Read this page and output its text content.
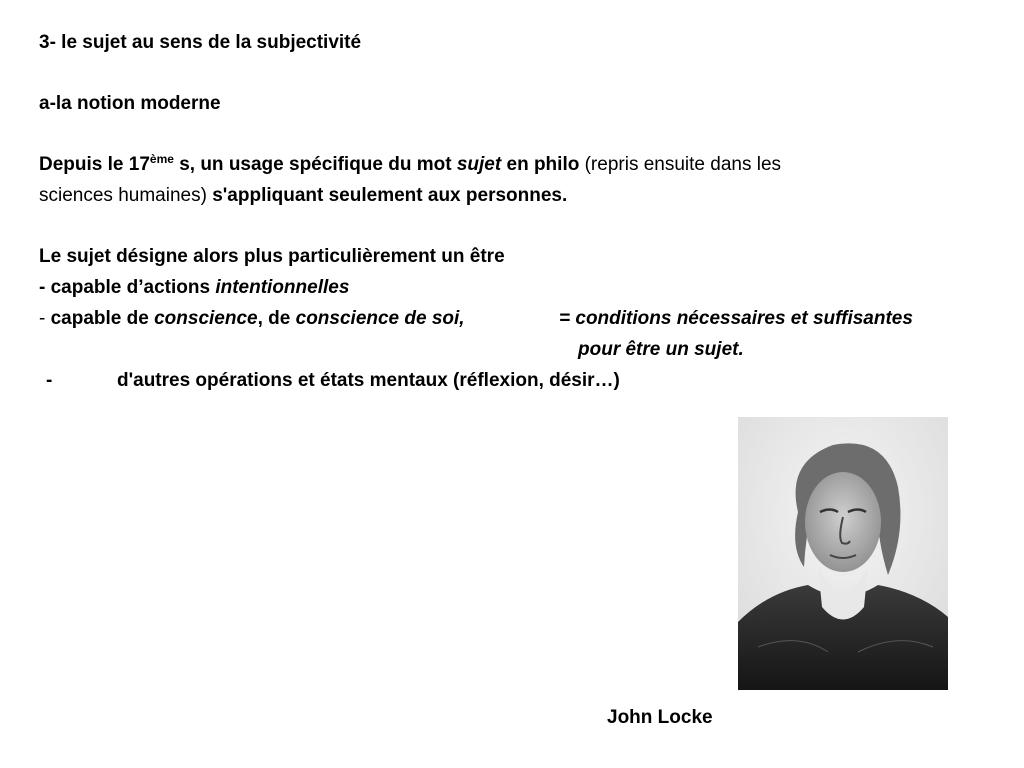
3- le sujet au sens de la subjectivité
a-la notion moderne
Depuis le 17ème s, un usage spécifique du mot sujet en philo (repris ensuite dans les
sciences humaines) s'appliquant seulement aux personnes.
Le sujet désigne alors plus particulièrement un être
- capable d’actions intentionnelles
- capable de conscience, de conscience de soi,	= conditions nécessaires et suffisantes
pour être un sujet.
-	d'autres opérations et états mentaux (réflexion, désir…)
John Locke
